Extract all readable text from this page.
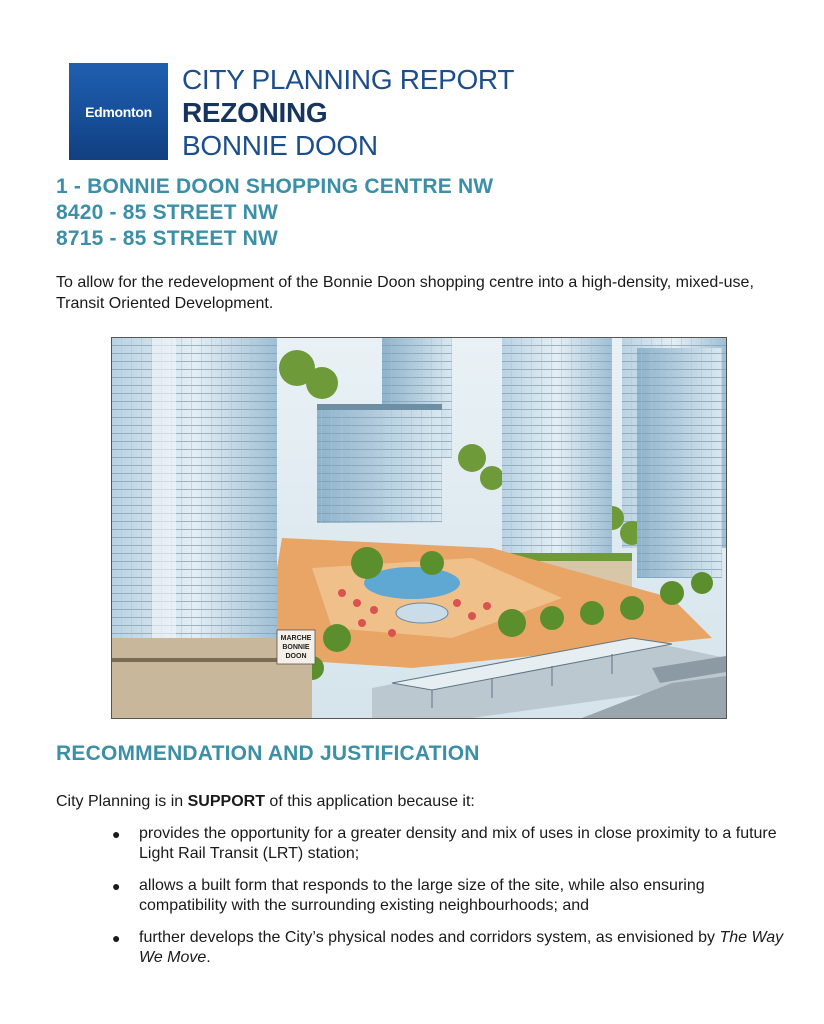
Edmonton
CITY PLANNING REPORT
REZONING
BONNIE DOON
1 - BONNIE DOON SHOPPING CENTRE NW
8420 - 85 STREET NW
8715 - 85 STREET NW
To allow for the redevelopment of the Bonnie Doon shopping centre into a high-density, mixed-use, Transit Oriented Development.
MARCHE
BONNIE
DOON
RECOMMENDATION AND JUSTIFICATION
City Planning is in SUPPORT of this application because it:
● provides the opportunity for a greater density and mix of uses in close proximity to a future Light Rail Transit (LRT) station;
● allows a built form that responds to the large size of the site, while also ensuring compatibility with the surrounding existing neighbourhoods; and
● further develops the City’s physical nodes and corridors system, as envisioned by The Way We Move.
